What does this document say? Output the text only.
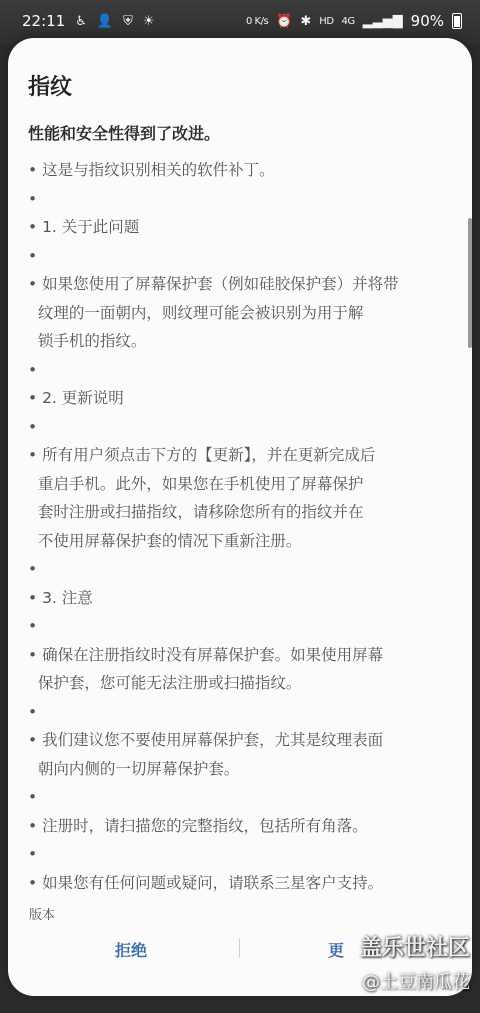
22:11 ♿ 👤 ⛨ ☀	0 K/s ⏰ ✱ HD 4G ▂▃▅▇ 90%
指纹
性能和安全性得到了改进。
• 这是与指纹识别相关的软件补丁。
•
• 1. 关于此问题
•
• 如果您使用了屏幕保护套（例如硅胶保护套）并将带
纹理的一面朝内，则纹理可能会被识别为用于解
锁手机的指纹。
•
• 2. 更新说明
•
• 所有用户须点击下方的【更新】，并在更新完成后
重启手机。此外，如果您在手机使用了屏幕保护
套时注册或扫描指纹，请移除您所有的指纹并在
不使用屏幕保护套的情况下重新注册。
•
• 3. 注意
•
• 确保在注册指纹时没有屏幕保护套。如果使用屏幕
保护套，您可能无法注册或扫描指纹。
•
• 我们建议您不要使用屏幕保护套，尤其是纹理表面
朝向内侧的一切屏幕保护套。
•
• 注册时，请扫描您的完整指纹，包括所有角落。
•
• 如果您有任何问题或疑问，请联系三星客户支持。
版本
拒绝	更 盖乐世社区
@土豆南瓜花
